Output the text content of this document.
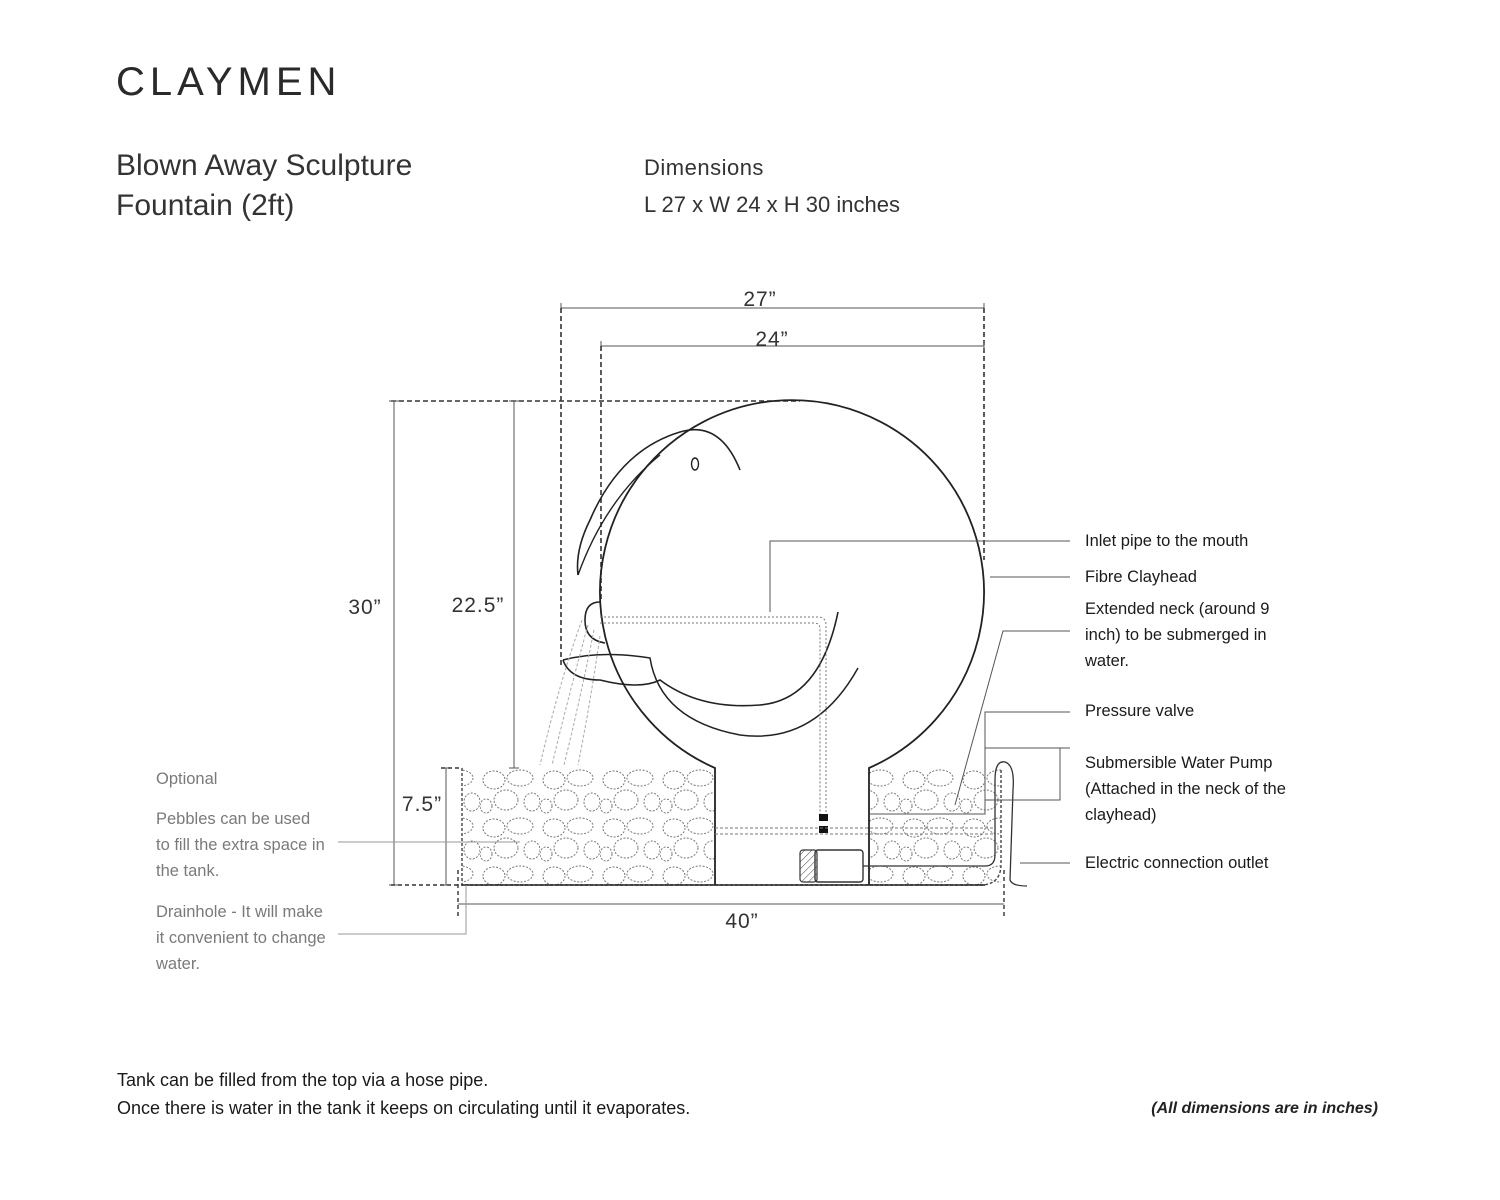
CLAYMEN
Blown Away Sculpture Fountain (2ft)
Dimensions
L 27 x W 24 x H 30 inches
27”
24”
30”	22.5”
7.5”
40”
Inlet pipe to the mouth
Fibre Clayhead
Extended neck (around 9 inch) to be submerged in water.
Pressure valve
Submersible Water Pump (Attached in the neck of the clayhead)
Electric connection outlet
Optional
Pebbles can be used to fill the extra space in the tank.
Drainhole - It will make it convenient to change water.
Tank can be filled from the top via a hose pipe.
Once there is water in the tank it keeps on circulating until it evaporates.	(All dimensions are in inches)
